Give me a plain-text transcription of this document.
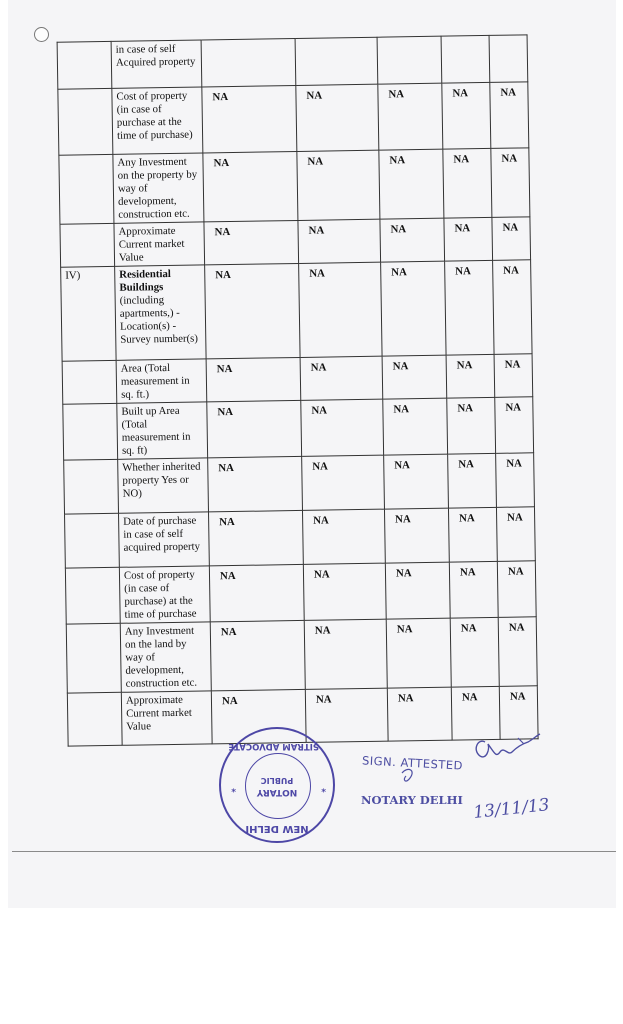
	in case of self Acquired property					
	Cost of property (in case of purchase at the time of purchase)	NA	NA	NA	NA	NA
	Any Investment on the property by way of development, construction etc.	NA	NA	NA	NA	NA
	Approximate Current market Value	NA	NA	NA	NA	NA
IV)	Residential Buildings (including apartments,) -Location(s) - Survey number(s)	NA	NA	NA	NA	NA
	Area (Total measurement in sq. ft.)	NA	NA	NA	NA	NA
	Built up Area (Total measurement in sq. ft)	NA	NA	NA	NA	NA
	Whether inherited property Yes or NO)	NA	NA	NA	NA	NA
	Date of purchase in case of self acquired property	NA	NA	NA	NA	NA
	Cost of property (in case of purchase) at the time of purchase	NA	NA	NA	NA	NA
	Any Investment on the land by way of development, construction etc.	NA	NA	NA	NA	NA
	Approximate Current market Value	NA	NA	NA	NA	NA
NEW DELHI
NOTARY
PUBLIC
SITRAM ADVOCATE
*
*
SIGN. ATTESTED
NOTARY DELHI 13/11/13
